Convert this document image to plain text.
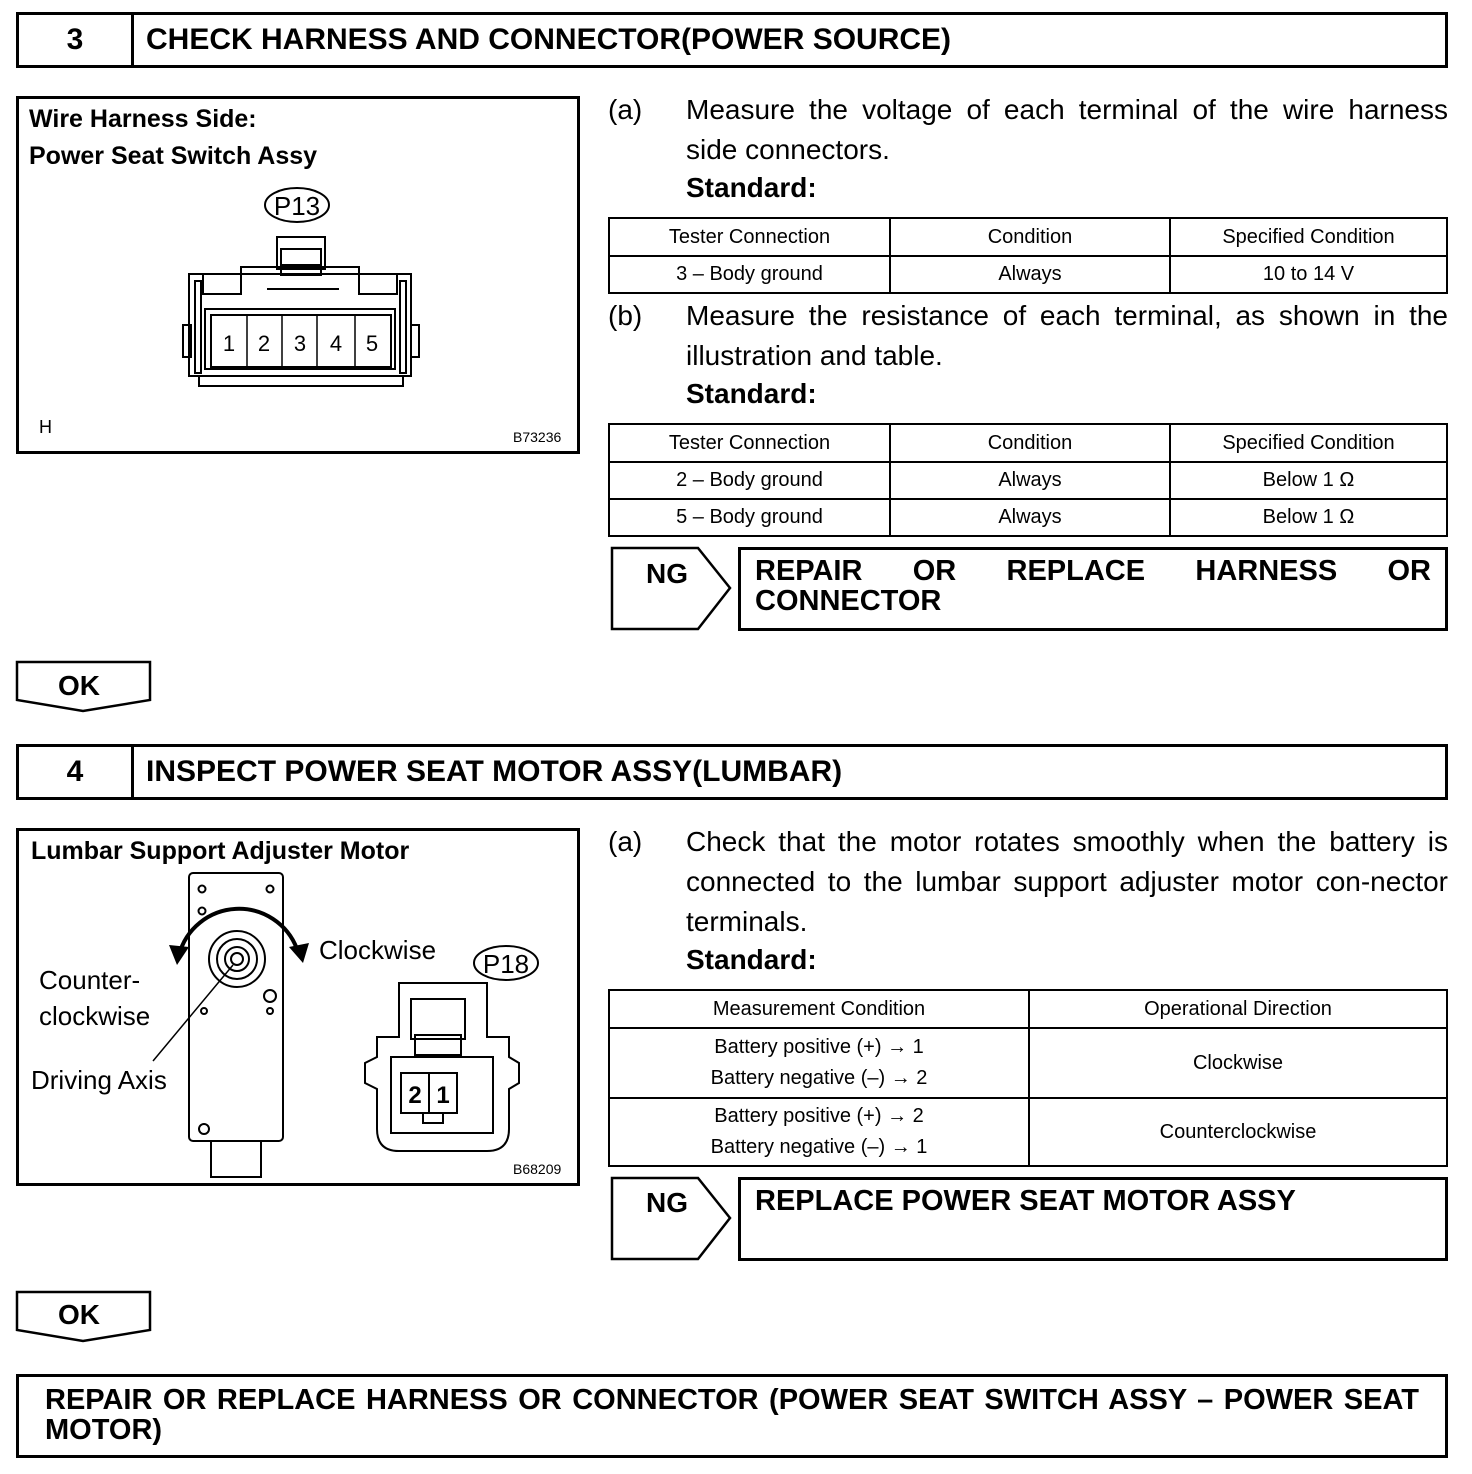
3	CHECK HARNESS AND CONNECTOR(POWER SOURCE)
Wire Harness Side:
Power Seat Switch Assy
P13
1 2 3 4 5
H	B73236
(a) Measure the voltage of each terminal of the wire harness side connectors.
Standard:
Tester Connection	Condition	Specified Condition
3 – Body ground	Always	10 to 14 V
(b) Measure the resistance of each terminal, as shown in the illustration and table.
Standard:
Tester Connection	Condition	Specified Condition
2 – Body ground	Always	Below 1 Ω
5 – Body ground	Always	Below 1 Ω
NG REPAIR OR REPLACE HARNESS OR CONNECTOR
OK
4	INSPECT POWER SEAT MOTOR ASSY(LUMBAR)
Lumbar Support Adjuster Motor
P18
2 1
Clockwise
Counter-
clockwise
Driving Axis
B68209
(a) Check that the motor rotates smoothly when the battery is connected to the lumbar support adjuster motor con-nector terminals.
Standard:
Measurement Condition	Operational Direction

Battery positive (+) → 1
Battery negative (–) → 2	Clockwise

Battery positive (+) → 2
Battery negative (–) → 1	Counterclockwise
NG	REPLACE POWER SEAT MOTOR ASSY
OK
REPAIR OR REPLACE HARNESS OR CONNECTOR (POWER SEAT SWITCH ASSY – POWER SEAT MOTOR)
